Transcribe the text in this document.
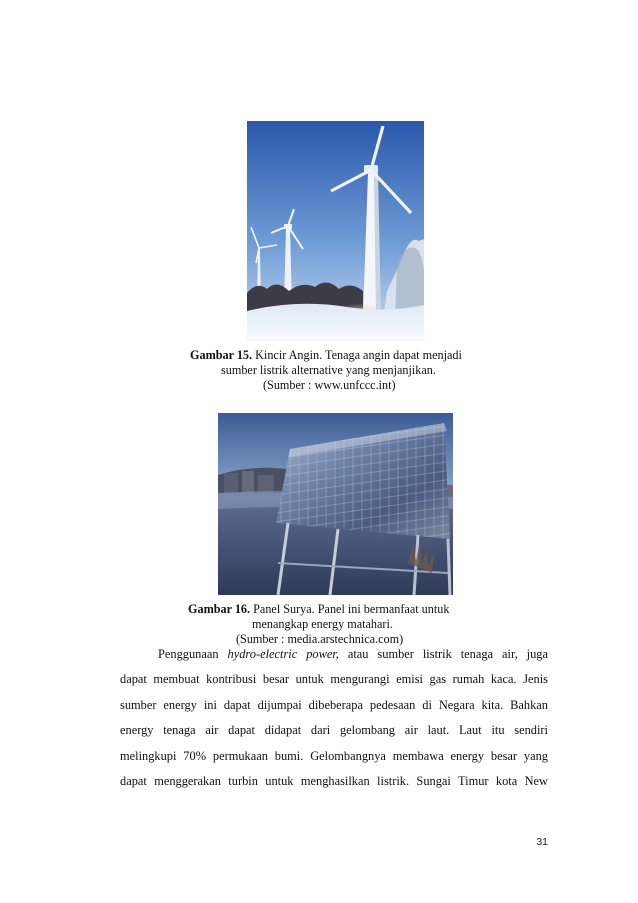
Gambar 15. Kincir Angin. Tenaga angin dapat menjadi
sumber listrik alternative yang menjanjikan.
(Sumber : www.unfccc.int)
Gambar 16. Panel Surya. Panel ini bermanfaat untuk
menangkap energy matahari.
(Sumber : media.arstechnica.com)
Penggunaan hydro-electric power, atau sumber listrik tenaga air, juga
dapat membuat kontribusi besar untuk mengurangi emisi gas rumah kaca. Jenis
sumber energy ini dapat dijumpai dibeberapa pedesaan di Negara kita. Bahkan
energy tenaga air dapat didapat dari gelombang air laut. Laut itu sendiri
melingkupi 70% permukaan bumi. Gelombangnya membawa energy besar yang
dapat menggerakan turbin untuk menghasilkan listrik. Sungai Timur kota New
31
